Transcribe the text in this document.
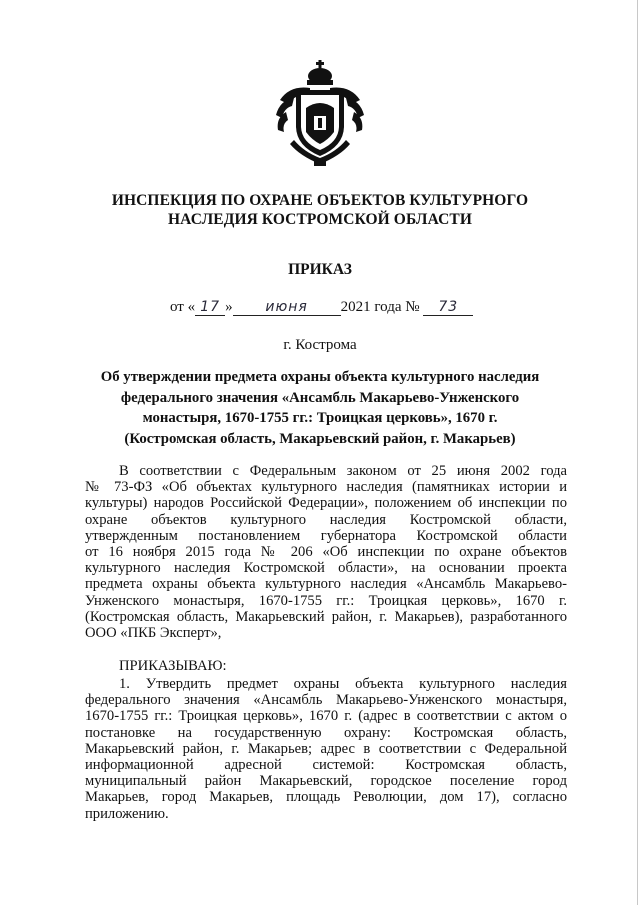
ИНСПЕКЦИЯ ПО ОХРАНЕ ОБЪЕКТОВ КУЛЬТУРНОГО
НАСЛЕДИЯ КОСТРОМСКОЙ ОБЛАСТИ
ПРИКАЗ
от « 17 » июня 2021 года № 73
г. Кострома
Об утверждении предмета охраны объекта культурного наследия
федерального значения «Ансамбль Макарьево-Унженского
монастыря, 1670-1755 гг.: Троицкая церковь», 1670 г.
(Костромская область, Макарьевский район, г. Макарьев)
В соответствии с Федеральным законом от 25 июня 2002 года
№ 73-ФЗ «Об объектах культурного наследия (памятниках истории и
культуры) народов Российской Федерации», положением об инспекции по
охране объектов культурного наследия Костромской области,
утвержденным постановлением губернатора Костромской области
от 16 ноября 2015 года № 206 «Об инспекции по охране объектов
культурного наследия Костромской области», на основании проекта
предмета охраны объекта культурного наследия «Ансамбль Макарьево-
Унженского монастыря, 1670-1755 гг.: Троицкая церковь», 1670 г.
(Костромская область, Макарьевский район, г. Макарьев), разработанного
ООО «ПКБ Эксперт»,
ПРИКАЗЫВАЮ:
1. Утвердить предмет охраны объекта культурного наследия
федерального значения «Ансамбль Макарьево-Унженского монастыря,
1670-1755 гг.: Троицкая церковь», 1670 г. (адрес в соответствии с актом о
постановке на государственную охрану: Костромская область,
Макарьевский район, г. Макарьев; адрес в соответствии с Федеральной
информационной адресной системой: Костромская область,
муниципальный район Макарьевский, городское поселение город
Макарьев, город Макарьев, площадь Революции, дом 17), согласно
приложению.
